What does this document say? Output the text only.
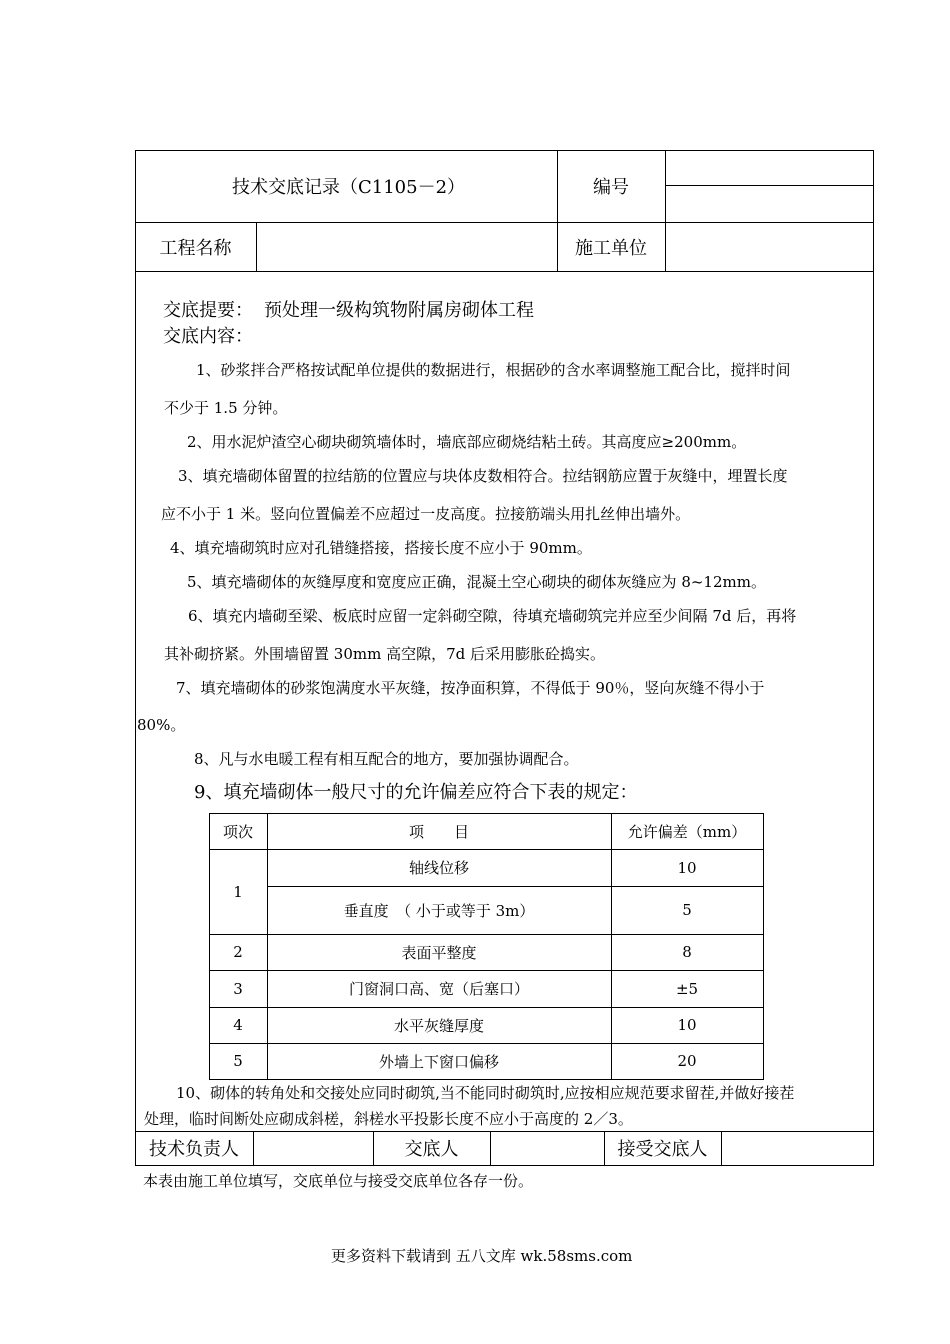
技术交底记录（C1105－2）	编号
工程名称	施工单位
交底提要： 预处理一级构筑物附属房砌体工程
交底内容：
1、砂浆拌合严格按试配单位提供的数据进行，根据砂的含水率调整施工配合比，搅拌时间
不少于 1.5 分钟。
2、用水泥炉渣空心砌块砌筑墙体时，墙底部应砌烧结粘土砖。其高度应≥200mm。
3、填充墙砌体留置的拉结筋的位置应与块体皮数相符合。拉结钢筋应置于灰缝中，埋置长度
应不小于 1 米。竖向位置偏差不应超过一皮高度。拉接筋端头用扎丝伸出墙外。
4、填充墙砌筑时应对孔错缝搭接，搭接长度不应小于 90mm。
5、填充墙砌体的灰缝厚度和宽度应正确，混凝土空心砌块的砌体灰缝应为 8~12mm。
6、填充内墙砌至梁、板底时应留一定斜砌空隙，待填充墙砌筑完并应至少间隔 7d 后，再将
其补砌挤紧。外围墙留置 30mm 高空隙，7d 后采用膨胀砼捣实。
7、填充墙砌体的砂浆饱满度水平灰缝，按净面积算，不得低于 90％，竖向灰缝不得小于
80%。
8、凡与水电暖工程有相互配合的地方，要加强协调配合。
9、填充墙砌体一般尺寸的允许偏差应符合下表的规定：
项次	项　　目	允许偏差（mm）
1
轴线位移	10
垂直度　（ 小于或等于 3m）	5
2	表面平整度	8
3	门窗洞口高、宽（后塞口）	±5
4	水平灰缝厚度	10
5	外墙上下窗口偏移	20
10、砌体的转角处和交接处应同时砌筑,当不能同时砌筑时,应按相应规范要求留茬,并做好接茬
处理，临时间断处应砌成斜槎，斜槎水平投影长度不应小于高度的 2／3。
技术负责人	交底人	接受交底人
本表由施工单位填写，交底单位与接受交底单位各存一份。
更多资料下载请到 五八文库 wk.58sms.com
